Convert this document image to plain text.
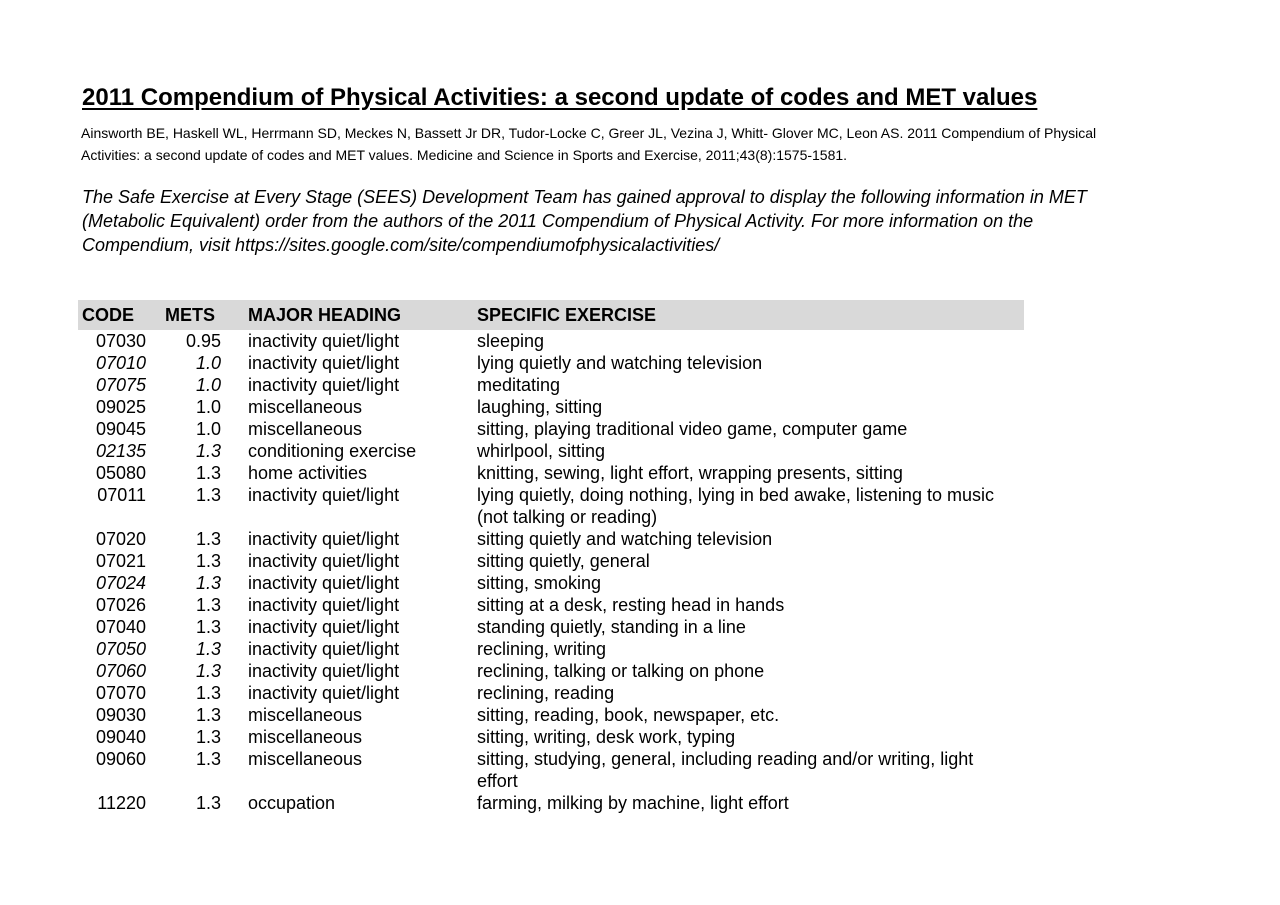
2011 Compendium of Physical Activities: a second update of codes and MET values

Ainsworth BE, Haskell WL, Herrmann SD, Meckes N, Bassett Jr DR, Tudor-Locke C, Greer JL, Vezina J, Whitt- Glover MC, Leon AS. 2011 Compendium of Physical Activities: a second update of codes and MET values. Medicine and Science in Sports and Exercise, 2011;43(8):1575-1581.

The Safe Exercise at Every Stage (SEES) Development Team has gained approval to display the following information in MET (Metabolic Equivalent) order from the authors of the 2011 Compendium of Physical Activity. For more information on the Compendium, visit https://sites.google.com/site/compendiumofphysicalactivities/

CODE METS MAJOR HEADING	SPECIFIC EXERCISE
07030	0.95 inactivity quiet/light	sleeping
07010	1.0 inactivity quiet/light	lying quietly and watching television
07075	1.0 inactivity quiet/light	meditating
09025	1.0 miscellaneous	laughing, sitting
09045	1.0 miscellaneous	sitting, playing traditional video game, computer game
02135	1.3 conditioning exercise	whirlpool, sitting
05080	1.3 home activities	knitting, sewing, light effort, wrapping presents, sitting
07011	1.3 inactivity quiet/light	lying quietly, doing nothing, lying in bed awake, listening to music (not talking or reading)
07020	1.3 inactivity quiet/light	sitting quietly and watching television
07021	1.3 inactivity quiet/light	sitting quietly, general
07024	1.3 inactivity quiet/light	sitting, smoking
07026	1.3 inactivity quiet/light	sitting at a desk, resting head in hands
07040	1.3 inactivity quiet/light	standing quietly, standing in a line
07050	1.3 inactivity quiet/light	reclining, writing
07060	1.3 inactivity quiet/light	reclining, talking or talking on phone
07070	1.3 inactivity quiet/light	reclining, reading
09030	1.3 miscellaneous	sitting, reading, book, newspaper, etc.
09040	1.3 miscellaneous	sitting, writing, desk work, typing
09060	1.3 miscellaneous	sitting, studying, general, including reading and/or writing, light effort
11220	1.3 occupation	farming, milking by machine, light effort
